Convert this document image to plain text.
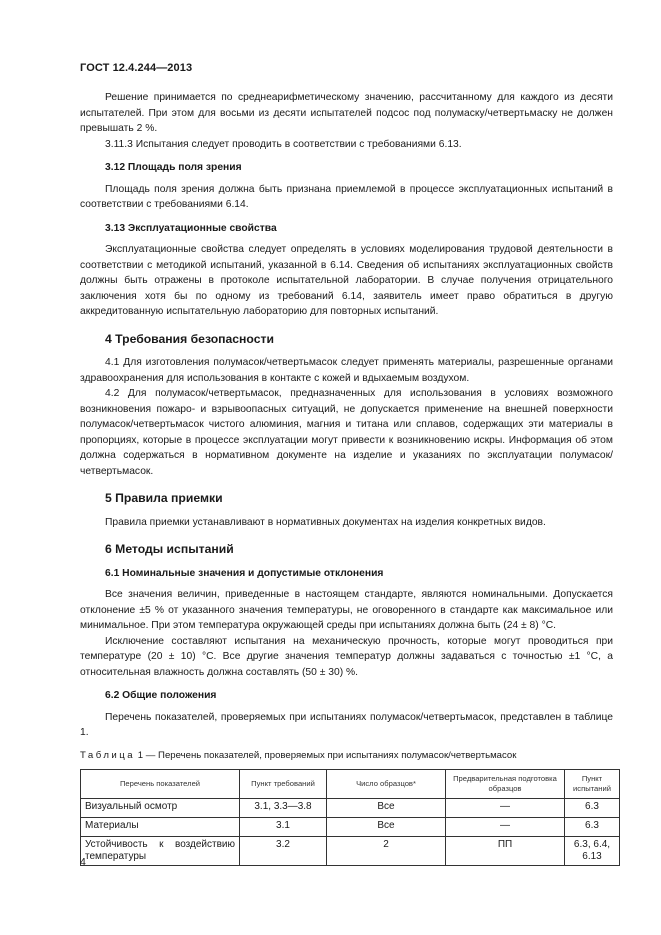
ГОСТ 12.4.244—2013

Решение принимается по среднеарифметическому значению, рассчитанному для каждого из десяти испытателей. При этом для восьми из десяти испытателей подсос под полумаску/четвертьмаску не должен превышать 2 %.

3.11.3 Испытания следует проводить в соответствии с требованиями 6.13.

3.12 Площадь поля зрения

Площадь поля зрения должна быть признана приемлемой в процессе эксплуатационных испытаний в соответствии с требованиями 6.14.

3.13 Эксплуатационные свойства

Эксплуатационные свойства следует определять в условиях моделирования трудовой деятельности в соответствии с методикой испытаний, указанной в 6.14. Сведения об испытаниях эксплуатационных свойств должны быть отражены в протоколе испытательной лаборатории. В случае получения отрицательного заключения хотя бы по одному из требований 6.14, заявитель имеет право обратиться в другую аккредитованную испытательную лабораторию для повторных испытаний.

4 Требования безопасности

4.1 Для изготовления полумасок/четвертьмасок следует применять материалы, разрешенные органами здравоохранения для использования в контакте с кожей и вдыхаемым воздухом.

4.2 Для полумасок/четвертьмасок, предназначенных для использования в условиях возможного возникновения пожаро- и взрывоопасных ситуаций, не допускается применение на внешней поверхности полумасок/четвертьмасок чистого алюминия, магния и титана или сплавов, содержащих эти материалы в пропорциях, которые в процессе эксплуатации могут привести к возникновению искры. Информация об этом должна содержаться в нормативном документе на изделие и указаниях по эксплуатации полумасок/четвертьмасок.

5 Правила приемки

Правила приемки устанавливают в нормативных документах на изделия конкретных видов.

6 Методы испытаний
6.1 Номинальные значения и допустимые отклонения

Все значения величин, приведенные в настоящем стандарте, являются номинальными. Допускается отклонение ±5 % от указанного значения температуры, не оговоренного в стандарте как максимальное или минимальное. При этом температура окружающей среды при испытаниях должна быть (24 ± 8) °С.

Исключение составляют испытания на механическую прочность, которые могут проводиться при температуре (20 ± 10) °С. Все другие значения температур должны задаваться с точностью ±1 °С, а относительная влажность должна составлять (50 ± 30) %.

6.2 Общие положения

Перечень показателей, проверяемых при испытаниях полумасок/четвертьмасок, представлен в таблице 1.

Таблица 1 — Перечень показателей, проверяемых при испытаниях полумасок/четвертьмасок
Перечень показателей	Пункт требований	Число образцов*	Предварительная подготовка образцов	Пункт испытаний
Визуальный осмотр	3.1, 3.3—3.8	Все	—	6.3
Материалы	3.1	Все	—	6.3

Устойчивость к воздействию
температуры	3.2	2	ПП	6.3, 6.4, 6.13
4
